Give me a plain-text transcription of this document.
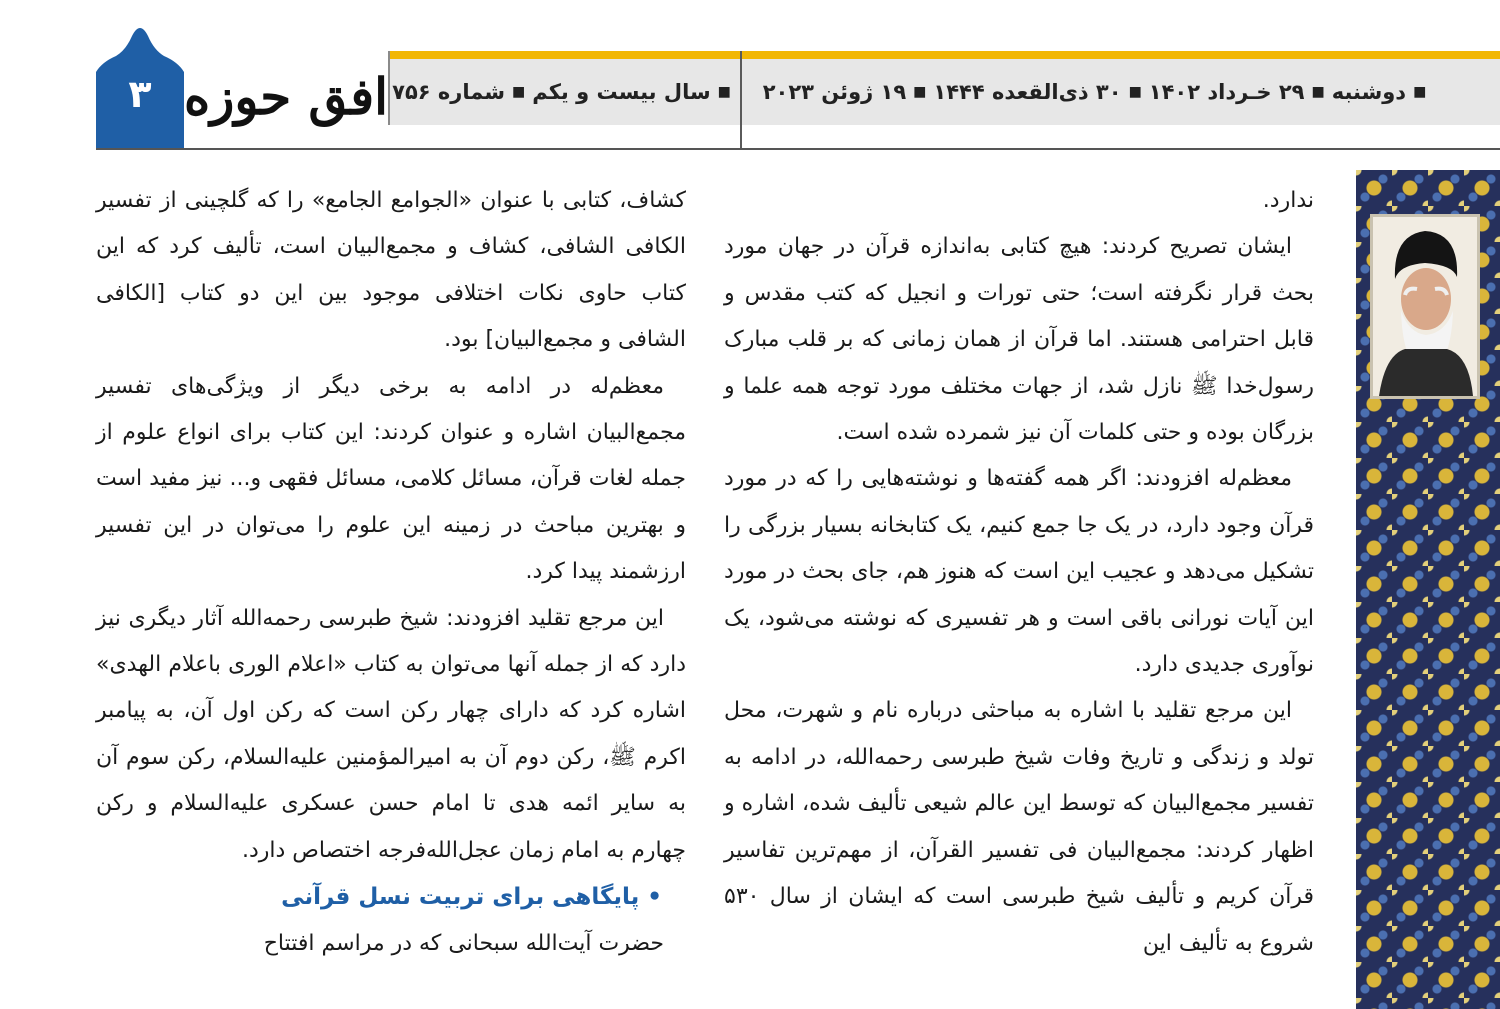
۳ افق حوزه	■
دوشنبه
■
۲۹ خـرداد ۱۴۰۲
■
۳۰ ذی‌القعده ۱۴۴۴
■
۱۹ ژوئن ۲۰۲۳
■
سال بیست و یکم
■
شماره ۷۵۶

ندارد.

ایشان تصریح کردند: هیچ کتابی به‌اندازه قرآن در جهان مورد بحث قرار نگرفته است؛ حتی تورات و انجیل که کتب مقدس و قابل احترامی هستند. اما قرآن از همان زمانی که بر قلب مبارک رسول‌خدا ﷺ نازل شد، از جهات مختلف مورد توجه همه علما و بزرگان بوده و حتی کلمات آن نیز شمرده شده است.

معظم‌له افزودند: اگر همه گفته‌ها و نوشته‌هایی را که در مورد قرآن وجود دارد، در یک جا جمع کنیم، یک کتابخانه بسیار بزرگی را تشکیل می‌دهد و عجیب این است که هنوز هم، جای بحث در مورد این آیات نورانی باقی است و هر تفسیری که نوشته می‌شود، یک نوآوری جدیدی دارد.

این مرجع تقلید با اشاره به مباحثی درباره نام و شهرت، محل تولد و زندگی و تاریخ وفات شیخ طبرسی رحمه‌الله، در ادامه به تفسیر مجمع‌البیان که توسط این عالم شیعی تألیف شده، اشاره و اظهار کردند: مجمع‌البیان فی تفسیر القرآن، از مهم‌ترین تفاسیر قرآن کریم و تألیف شیخ طبرسی است که ایشان از سال ۵۳۰ شروع به تألیف این

کشاف، کتابی با عنوان «الجوامع الجامع» را که گلچینی از تفسیر الکافی الشافی، کشاف و مجمع‌البیان است، تألیف کرد که این کتاب حاوی نکات اختلافی موجود بین این دو کتاب [الکافی الشافی و مجمع‌البیان] بود.

معظم‌له در ادامه به برخی دیگر از ویژگی‌های تفسیر مجمع‌البیان اشاره و عنوان کردند: این کتاب برای انواع علوم از جمله لغات قرآن، مسائل کلامی، مسائل فقهی و... نیز مفید است و بهترین مباحث در زمینه این علوم را می‌توان در این تفسیر ارزشمند پیدا کرد.

این مرجع تقلید افزودند: شیخ طبرسی رحمه‌الله آثار دیگری نیز دارد که از جمله آنها می‌توان به کتاب «اعلام الوری باعلام الهدی» اشاره کرد که دارای چهار رکن است که رکن اول آن، به پیامبر اکرم ﷺ، رکن دوم آن به امیرالمؤمنین علیه‌السلام، رکن سوم آن به سایر ائمه هدی تا امام حسن عسکری علیه‌السلام و رکن چهارم به امام زمان عجل‌الله‌فرجه اختصاص دارد.

• پایگاهی برای تربیت نسل قرآنی

حضرت آیت‌الله سبحانی که در مراسم افتتاح
